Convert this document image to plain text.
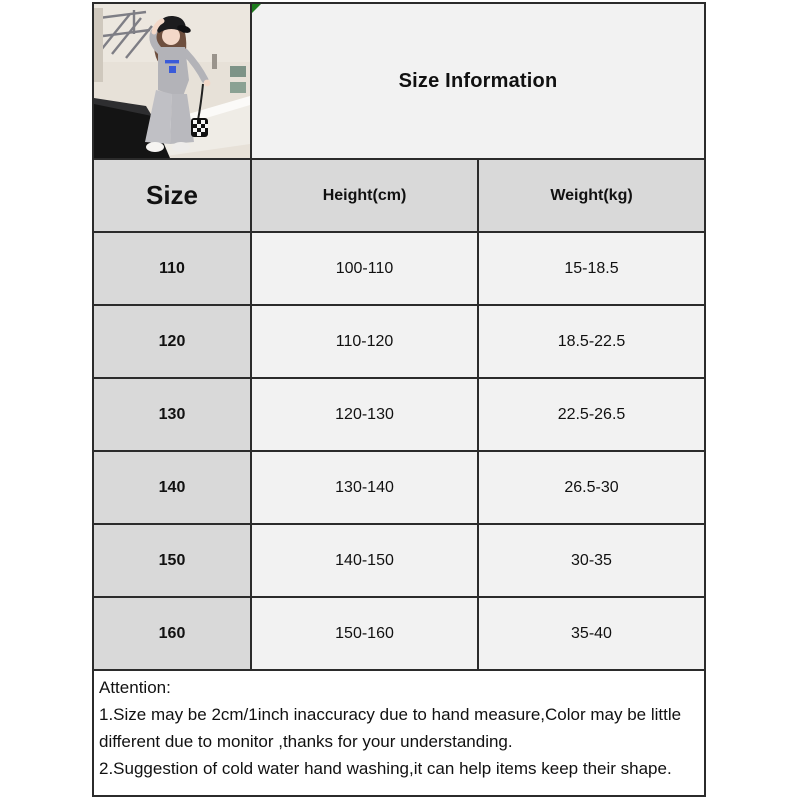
Size Information
Size	Height(cm)	Weight(kg)
110	100-110	15-18.5
120	110-120	18.5-22.5
130	120-130	22.5-26.5
140	130-140	26.5-30
150	140-150	30-35
160	150-160	35-40
Attention:
1.Size may be 2cm/1inch inaccuracy due to hand measure,Color may be little different due to monitor ,thanks for your understanding.
2.Suggestion of cold water hand washing,it can help items keep their shape.
